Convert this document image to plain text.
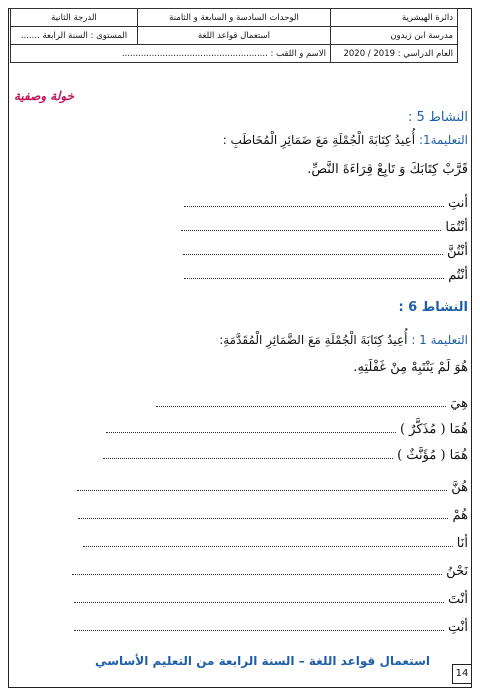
دائرة الهيشرية	الوحدات السادسة و السابعة و الثامنة	الدرجة الثانية
مدرسة ابن زيدون	استعمال قواعد اللغة	المستوى : السنة الرابعة .......
العام الدراسي : 2019 / 2020	الاسم و اللقب : ......................................................	
خولة وصفية
النشاط 5 :
التعليمة1: أُعِيدُ كِتَابَةَ الْجُمْلَةِ مَعَ ضَمَائِرِ الْمُخَاطَبِ :
قَرَّبْ كِتَابَكَ وَ تَابِعْ قِرَاءَةَ النَّصِّ.
أنتِ
أنْتُمَا
أنْتُنَّ
أنْتُم
النشاط 6 :
التعليمة 1 : أُعِيدُ كِتَابَةَ الْجُمْلَةِ مَعَ الضَّمَائِرِ الْمُقَدَّمَةِ:
هُوَ لَمْ يَنْتَبِهْ مِنْ غَفْلَتِهِ.
هِيَ
هُمَا ( مُذَكَّرٌ )
هُمَا ( مُؤَنَّثٌ )
هُنَّ
هُمْ
أنَا
نَحْنُ
أنْتَ
أنْتِ
استعمال قواعد اللغة – السنة الرابعة من التعليم الأساسي
14
